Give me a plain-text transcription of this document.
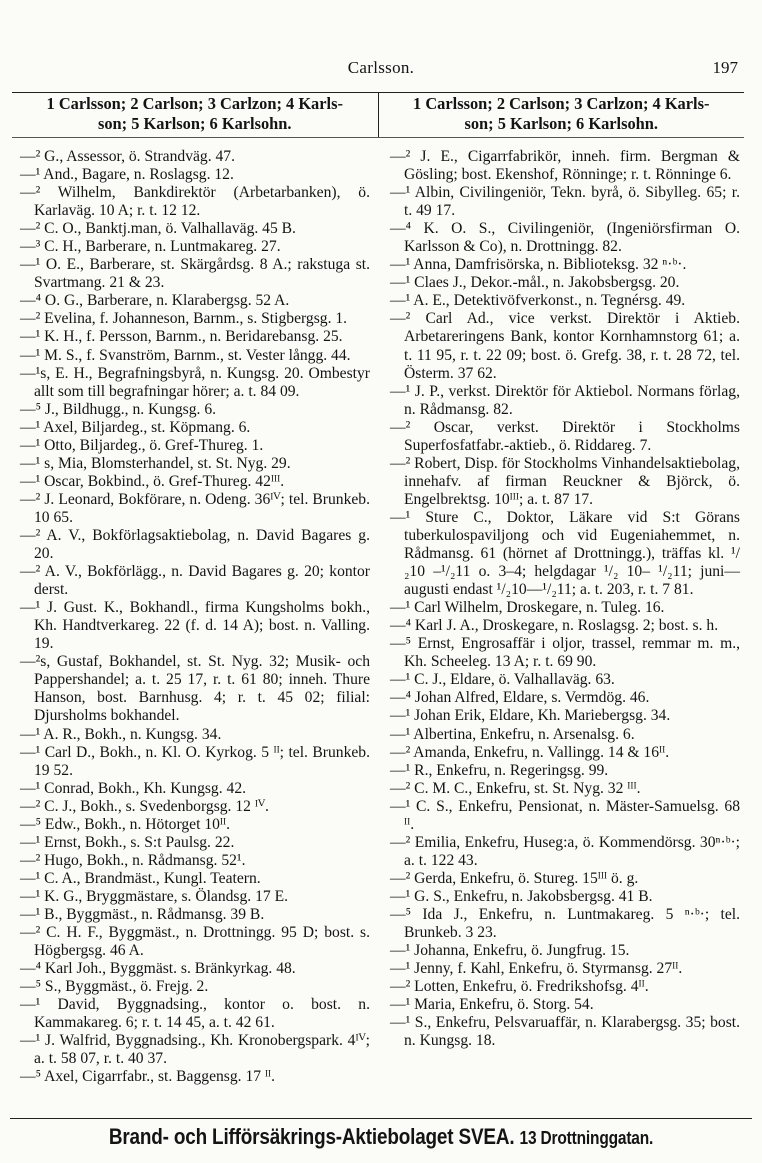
Carlsson.	197
1 Carlsson; 2 Carlson; 3 Carlzon; 4 Karls-
son; 5 Karlson; 6 Karlsohn.
1 Carlsson; 2 Carlson; 3 Carlzon; 4 Karls-
son; 5 Karlson; 6 Karlsohn.
—² G., Assessor, ö. Strandväg. 47.
—¹ And., Bagare, n. Roslagsg. 12.
—² Wilhelm, Bankdirektör (Arbetarbanken), ö. Karlaväg. 10 A; r. t. 12 12.
—² C. O., Banktj.man, ö. Valhallaväg. 45 B.
—³ C. H., Barberare, n. Luntmakareg. 27.
—¹ O. E., Barberare, st. Skärgårdsg. 8 A.; rakstuga st. Svartmang. 21 & 23.
—⁴ O. G., Barberare, n. Klarabergsg. 52 A.
—² Evelina, f. Johanneson, Barnm., s. Stigbergsg. 1.
—¹ K. H., f. Persson, Barnm., n. Beridarebansg. 25.
—¹ M. S., f. Svanström, Barnm., st. Vester långg. 44.
—¹s, E. H., Begrafningsbyrå, n. Kungsg. 20. Ombestyr allt som till begrafningar hörer; a. t. 84 09.
—⁵ J., Bildhugg., n. Kungsg. 6.
—¹ Axel, Biljardeg., st. Köpmang. 6.
—¹ Otto, Biljardeg., ö. Gref-Thureg. 1.
—¹ s, Mia, Blomsterhandel, st. St. Nyg. 29.
—¹ Oscar, Bokbind., ö. Gref-Thureg. 42ᴵᴵᴵ.
—² J. Leonard, Bokförare, n. Odeng. 36ᴵⱽ; tel. Brunkeb. 10 65.
—² A. V., Bokförlagsaktiebolag, n. David Bagares g. 20.
—² A. V., Bokförlägg., n. David Bagares g. 20; kontor derst.
—¹ J. Gust. K., Bokhandl., firma Kungsholms bokh., Kh. Handtverkareg. 22 (f. d. 14 A); bost. n. Valling. 19.
—²s, Gustaf, Bokhandel, st. St. Nyg. 32; Musik- och Pappershandel; a. t. 25 17, r. t. 61 80; inneh. Thure Hanson, bost. Barnhusg. 4; r. t. 45 02; filial: Djursholms bokhandel.
—¹ A. R., Bokh., n. Kungsg. 34.
—¹ Carl D., Bokh., n. Kl. O. Kyrkog. 5 ᴵᴵ; tel. Brunkeb. 19 52.
—¹ Conrad, Bokh., Kh. Kungsg. 42.
—² C. J., Bokh., s. Svedenborgsg. 12 ᴵⱽ.
—⁵ Edw., Bokh., n. Hötorget 10ᴵᴵ.
—¹ Ernst, Bokh., s. S:t Paulsg. 22.
—² Hugo, Bokh., n. Rådmansg. 52¹.
—¹ C. A., Brandmäst., Kungl. Teatern.
—¹ K. G., Bryggmästare, s. Ölandsg. 17 E.
—¹ B., Byggmäst., n. Rådmansg. 39 B.
—² C. H. F., Byggmäst., n. Drottningg. 95 D; bost. s. Högbergsg. 46 A.
—⁴ Karl Joh., Byggmäst. s. Bränkyrkag. 48.
—⁵ S., Byggmäst., ö. Frejg. 2.
—¹ David, Byggnadsing., kontor o. bost. n. Kammakareg. 6; r. t. 14 45, a. t. 42 61.
—¹ J. Walfrid, Byggnadsing., Kh. Kronobergspark. 4ᴵⱽ; a. t. 58 07, r. t. 40 37.
—⁵ Axel, Cigarrfabr., st. Baggensg. 17 ᴵᴵ.
—² J. E., Cigarrfabrikör, inneh. firm. Bergman & Gösling; bost. Ekenshof, Rönninge; r. t. Rönninge 6.
—¹ Albin, Civilingeniör, Tekn. byrå, ö. Sibylleg. 65; r. t. 49 17.
—⁴ K. O. S., Civilingeniör, (Ingeniörsfirman O. Karlsson & Co), n. Drottningg. 82.
—¹ Anna, Damfrisörska, n. Biblioteksg. 32 ⁿ·ᵇ·.
—¹ Claes J., Dekor.-mål., n. Jakobsbergsg. 20.
—¹ A. E., Detektivöfverkonst., n. Tegnérsg. 49.
—² Carl Ad., vice verkst. Direktör i Aktieb. Arbetareringens Bank, kontor Kornhamnstorg 61; a. t. 11 95, r. t. 22 09; bost. ö. Grefg. 38, r. t. 28 72, tel. Österm. 37 62.
—¹ J. P., verkst. Direktör för Aktiebol. Normans förlag, n. Rådmansg. 82.
—² Oscar, verkst. Direktör i Stockholms Superfosfatfabr.-aktieb., ö. Riddareg. 7.
—² Robert, Disp. för Stockholms Vinhandelsaktiebolag, innehafv. af firman Reuckner & Björck, ö. Engelbrektsg. 10ᴵᴵᴵ; a. t. 87 17.
—¹ Sture C., Doktor, Läkare vid S:t Görans tuberkulospaviljong och vid Eugeniahemmet, n. Rådmansg. 61 (hörnet af Drottningg.), träffas kl. ¹/₂10 –¹/₂11 o. 3–4; helgdagar ¹/₂ 10– ¹/₂11; juni—augusti endast ¹/₂10—¹/₂11; a. t. 203, r. t. 7 81.
—¹ Carl Wilhelm, Droskegare, n. Tuleg. 16.
—⁴ Karl J. A., Droskegare, n. Roslagsg. 2; bost. s. h.
—⁵ Ernst, Engrosaffär i oljor, trassel, remmar m. m., Kh. Scheeleg. 13 A; r. t. 69 90.
—¹ C. J., Eldare, ö. Valhallaväg. 63.
—⁴ Johan Alfred, Eldare, s. Vermdög. 46.
—¹ Johan Erik, Eldare, Kh. Mariebergsg. 34.
—¹ Albertina, Enkefru, n. Arsenalsg. 6.
—² Amanda, Enkefru, n. Vallingg. 14 & 16ᴵᴵ.
—¹ R., Enkefru, n. Regeringsg. 99.
—² C. M. C., Enkefru, st. St. Nyg. 32 ᴵᴵᴵ.
—¹ C. S., Enkefru, Pensionat, n. Mäster-Samuelsg. 68 ᴵᴵ.
—² Emilia, Enkefru, Huseg:a, ö. Kommendörsg. 30ⁿ·ᵇ·; a. t. 122 43.
—² Gerda, Enkefru, ö. Stureg. 15ᴵᴵᴵ ö. g.
—¹ G. S., Enkefru, n. Jakobsbergsg. 41 B.
—⁵ Ida J., Enkefru, n. Luntmakareg. 5 ⁿ·ᵇ·; tel. Brunkeb. 3 23.
—¹ Johanna, Enkefru, ö. Jungfrug. 15.
—¹ Jenny, f. Kahl, Enkefru, ö. Styrmansg. 27ᴵᴵ.
—² Lotten, Enkefru, ö. Fredrikshofsg. 4ᴵᴵ.
—¹ Maria, Enkefru, ö. Storg. 54.
—¹ S., Enkefru, Pelsvaruaffär, n. Klarabergsg. 35; bost. n. Kungsg. 18.
Brand- och Lifförsäkrings-Aktiebolaget SVEA. 13 Drottninggatan.
